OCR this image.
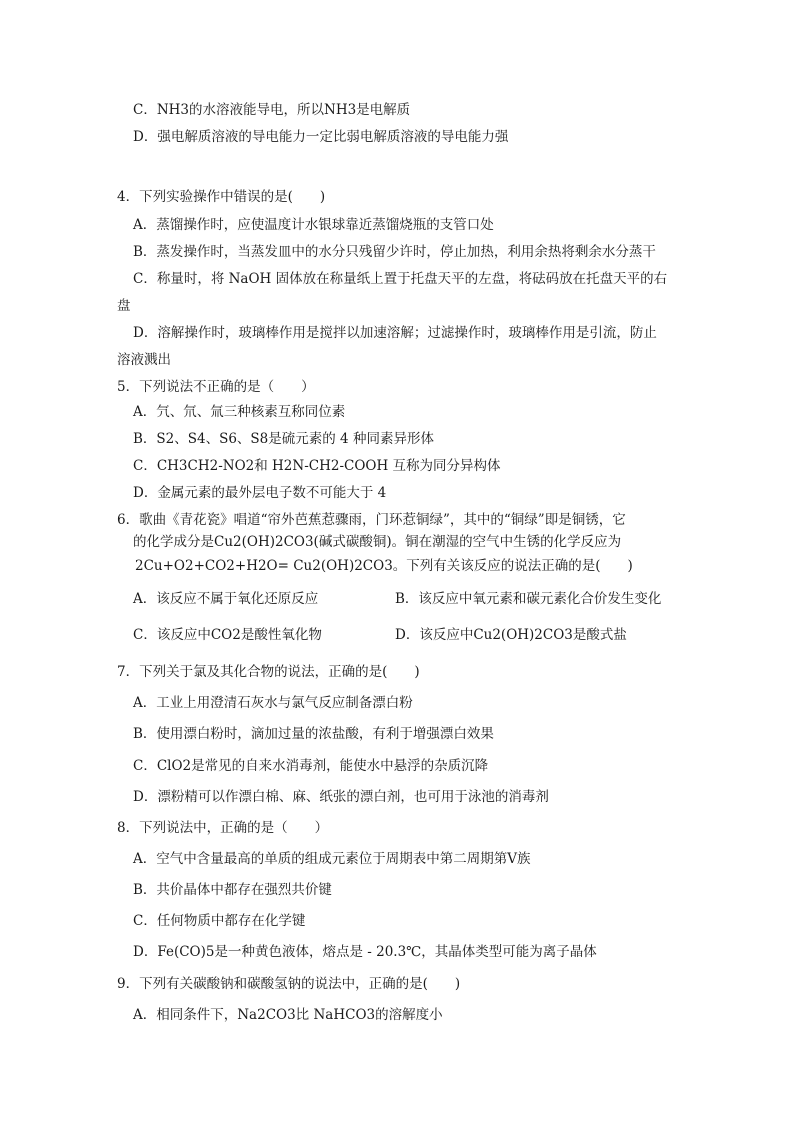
C．NH3的水溶液能导电，所以NH3是电解质
D．强电解质溶液的导电能力一定比弱电解质溶液的导电能力强
4．下列实验操作中错误的是(　　)
A．蒸馏操作时，应使温度计水银球靠近蒸馏烧瓶的支管口处
B．蒸发操作时，当蒸发皿中的水分只残留少许时，停止加热，利用余热将剩余水分蒸干
C．称量时，将 NaOH 固体放在称量纸上置于托盘天平的左盘，将砝码放在托盘天平的右
盘
D．溶解操作时，玻璃棒作用是搅拌以加速溶解；过滤操作时，玻璃棒作用是引流，防止
溶液溅出
5．下列说法不正确的是（　　）
A．氕、氘、氚三种核素互称同位素
B．S2、S4、S6、S8是硫元素的 4 种同素异形体
C．CH3CH2-NO2和 H2N-CH2-COOH 互称为同分异构体
D．金属元素的最外层电子数不可能大于 4
6．歌曲《青花瓷》唱道“帘外芭蕉惹骤雨，门环惹铜绿”，其中的“铜绿”即是铜锈，它
的化学成分是Cu2(OH)2CO3(碱式碳酸铜)。铜在潮湿的空气中生锈的化学反应为
2Cu+O2+CO2+H2O= Cu2(OH)2CO3。下列有关该反应的说法正确的是(　　)
A．该反应不属于氧化还原反应	B．该反应中氧元素和碳元素化合价发生变化
C．该反应中CO2是酸性氧化物	D．该反应中Cu2(OH)2CO3是酸式盐
7．下列关于氯及其化合物的说法，正确的是(　　)
A．工业上用澄清石灰水与氯气反应制备漂白粉
B．使用漂白粉时，滴加过量的浓盐酸，有利于增强漂白效果
C．ClO2是常见的自来水消毒剂，能使水中悬浮的杂质沉降
D．漂粉精可以作漂白棉、麻、纸张的漂白剂，也可用于泳池的消毒剂
8．下列说法中，正确的是（　　）
A．空气中含量最高的单质的组成元素位于周期表中第二周期第Ⅴ族
B．共价晶体中都存在强烈共价键
C．任何物质中都存在化学键
D．Fe(CO)5是一种黄色液体，熔点是 - 20.3℃，其晶体类型可能为离子晶体
9．下列有关碳酸钠和碳酸氢钠的说法中，正确的是(　　)
A．相同条件下，Na2CO3比 NaHCO3的溶解度小
